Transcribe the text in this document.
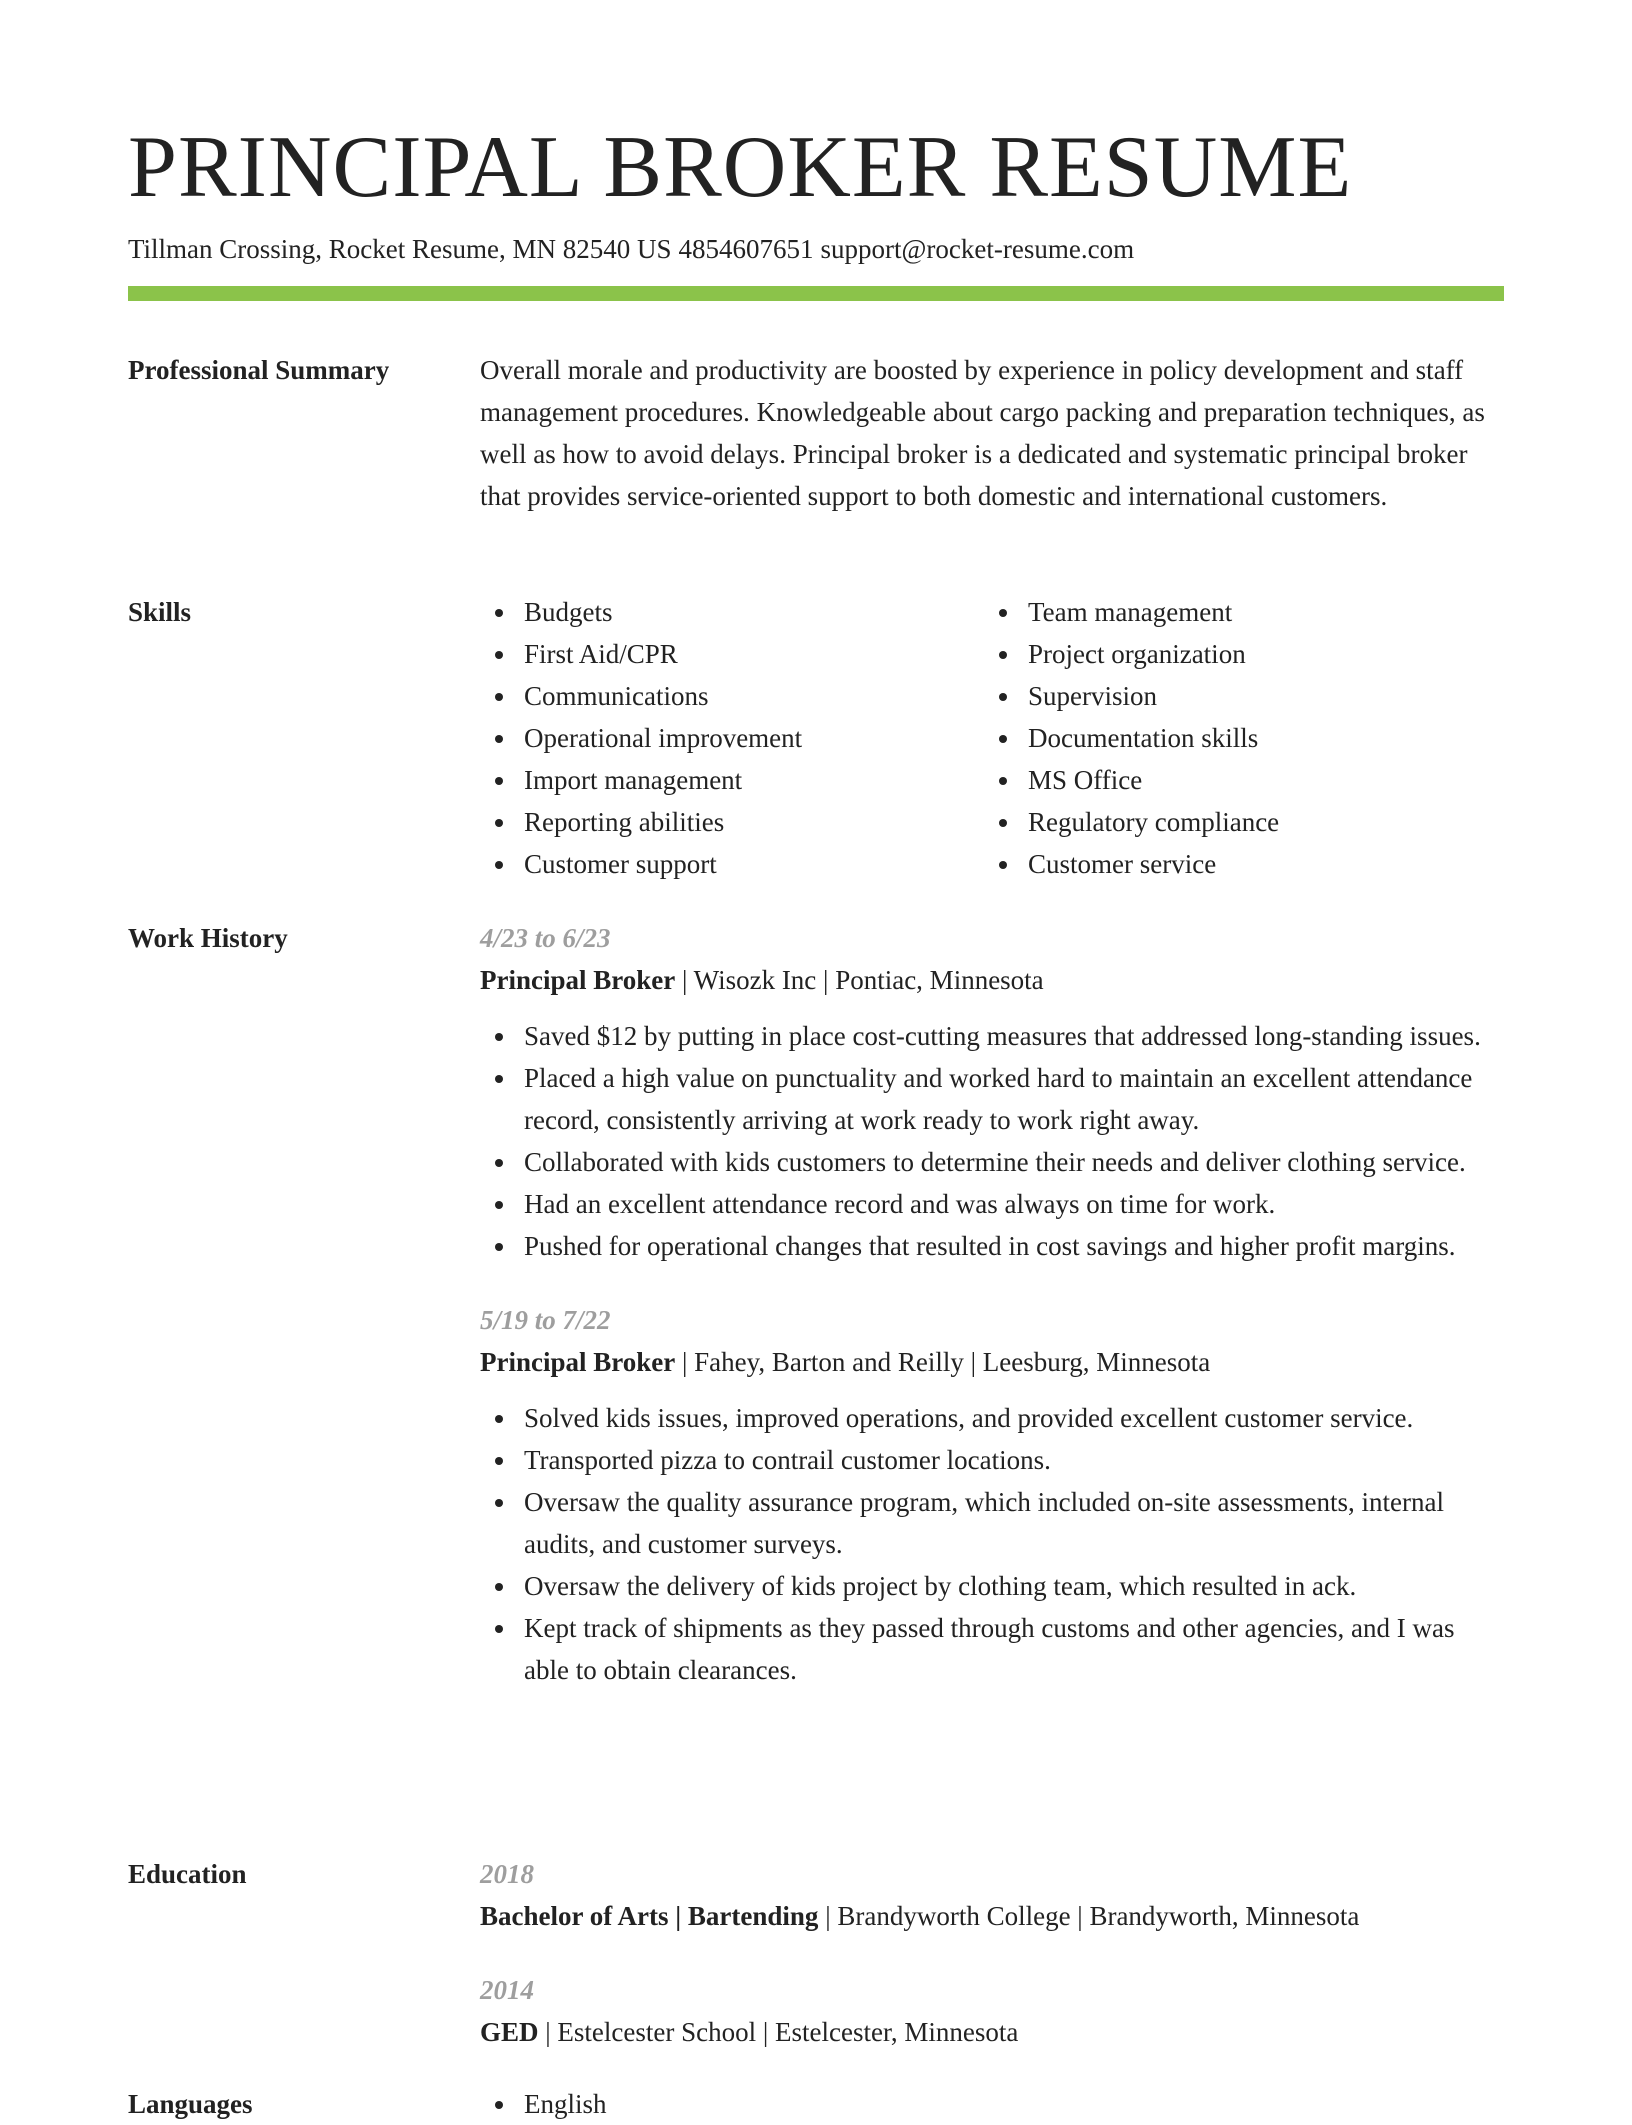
PRINCIPAL BROKER RESUME
Tillman Crossing, Rocket Resume, MN 82540 US 4854607651 support@rocket-resume.com
Professional Summary	Overall morale and productivity are boosted by experience in policy development and staff management procedures. Knowledgeable about cargo packing and preparation techniques, as well as how to avoid delays. Principal broker is a dedicated and systematic principal broker that provides service-oriented support to both domestic and international customers.

Skills	Budgets
First Aid/CPR
Communications
Operational improvement
Import management
Reporting abilities
Customer support
Team management
Project organization
Supervision
Documentation skills
MS Office
Regulatory compliance
Customer service
Work History	4/23 to 6/23
Principal Broker | Wisozk Inc | Pontiac, Minnesota
Saved $12 by putting in place cost-cutting measures that addressed long-standing issues.
Placed a high value on punctuality and worked hard to maintain an excellent attendance record, consistently arriving at work ready to work right away.
Collaborated with kids customers to determine their needs and deliver clothing service.
Had an excellent attendance record and was always on time for work.
Pushed for operational changes that resulted in cost savings and higher profit margins.
5/19 to 7/22
Principal Broker | Fahey, Barton and Reilly | Leesburg, Minnesota
Solved kids issues, improved operations, and provided excellent customer service.
Transported pizza to contrail customer locations.
Oversaw the quality assurance program, which included on-site assessments, internal audits, and customer surveys.
Oversaw the delivery of kids project by clothing team, which resulted in ack.
Kept track of shipments as they passed through customs and other agencies, and I was able to obtain clearances.
Education	2018
Bachelor of Arts | Bartending | Brandyworth College | Brandyworth, Minnesota
2014
GED | Estelcester School | Estelcester, Minnesota
Languages	English
